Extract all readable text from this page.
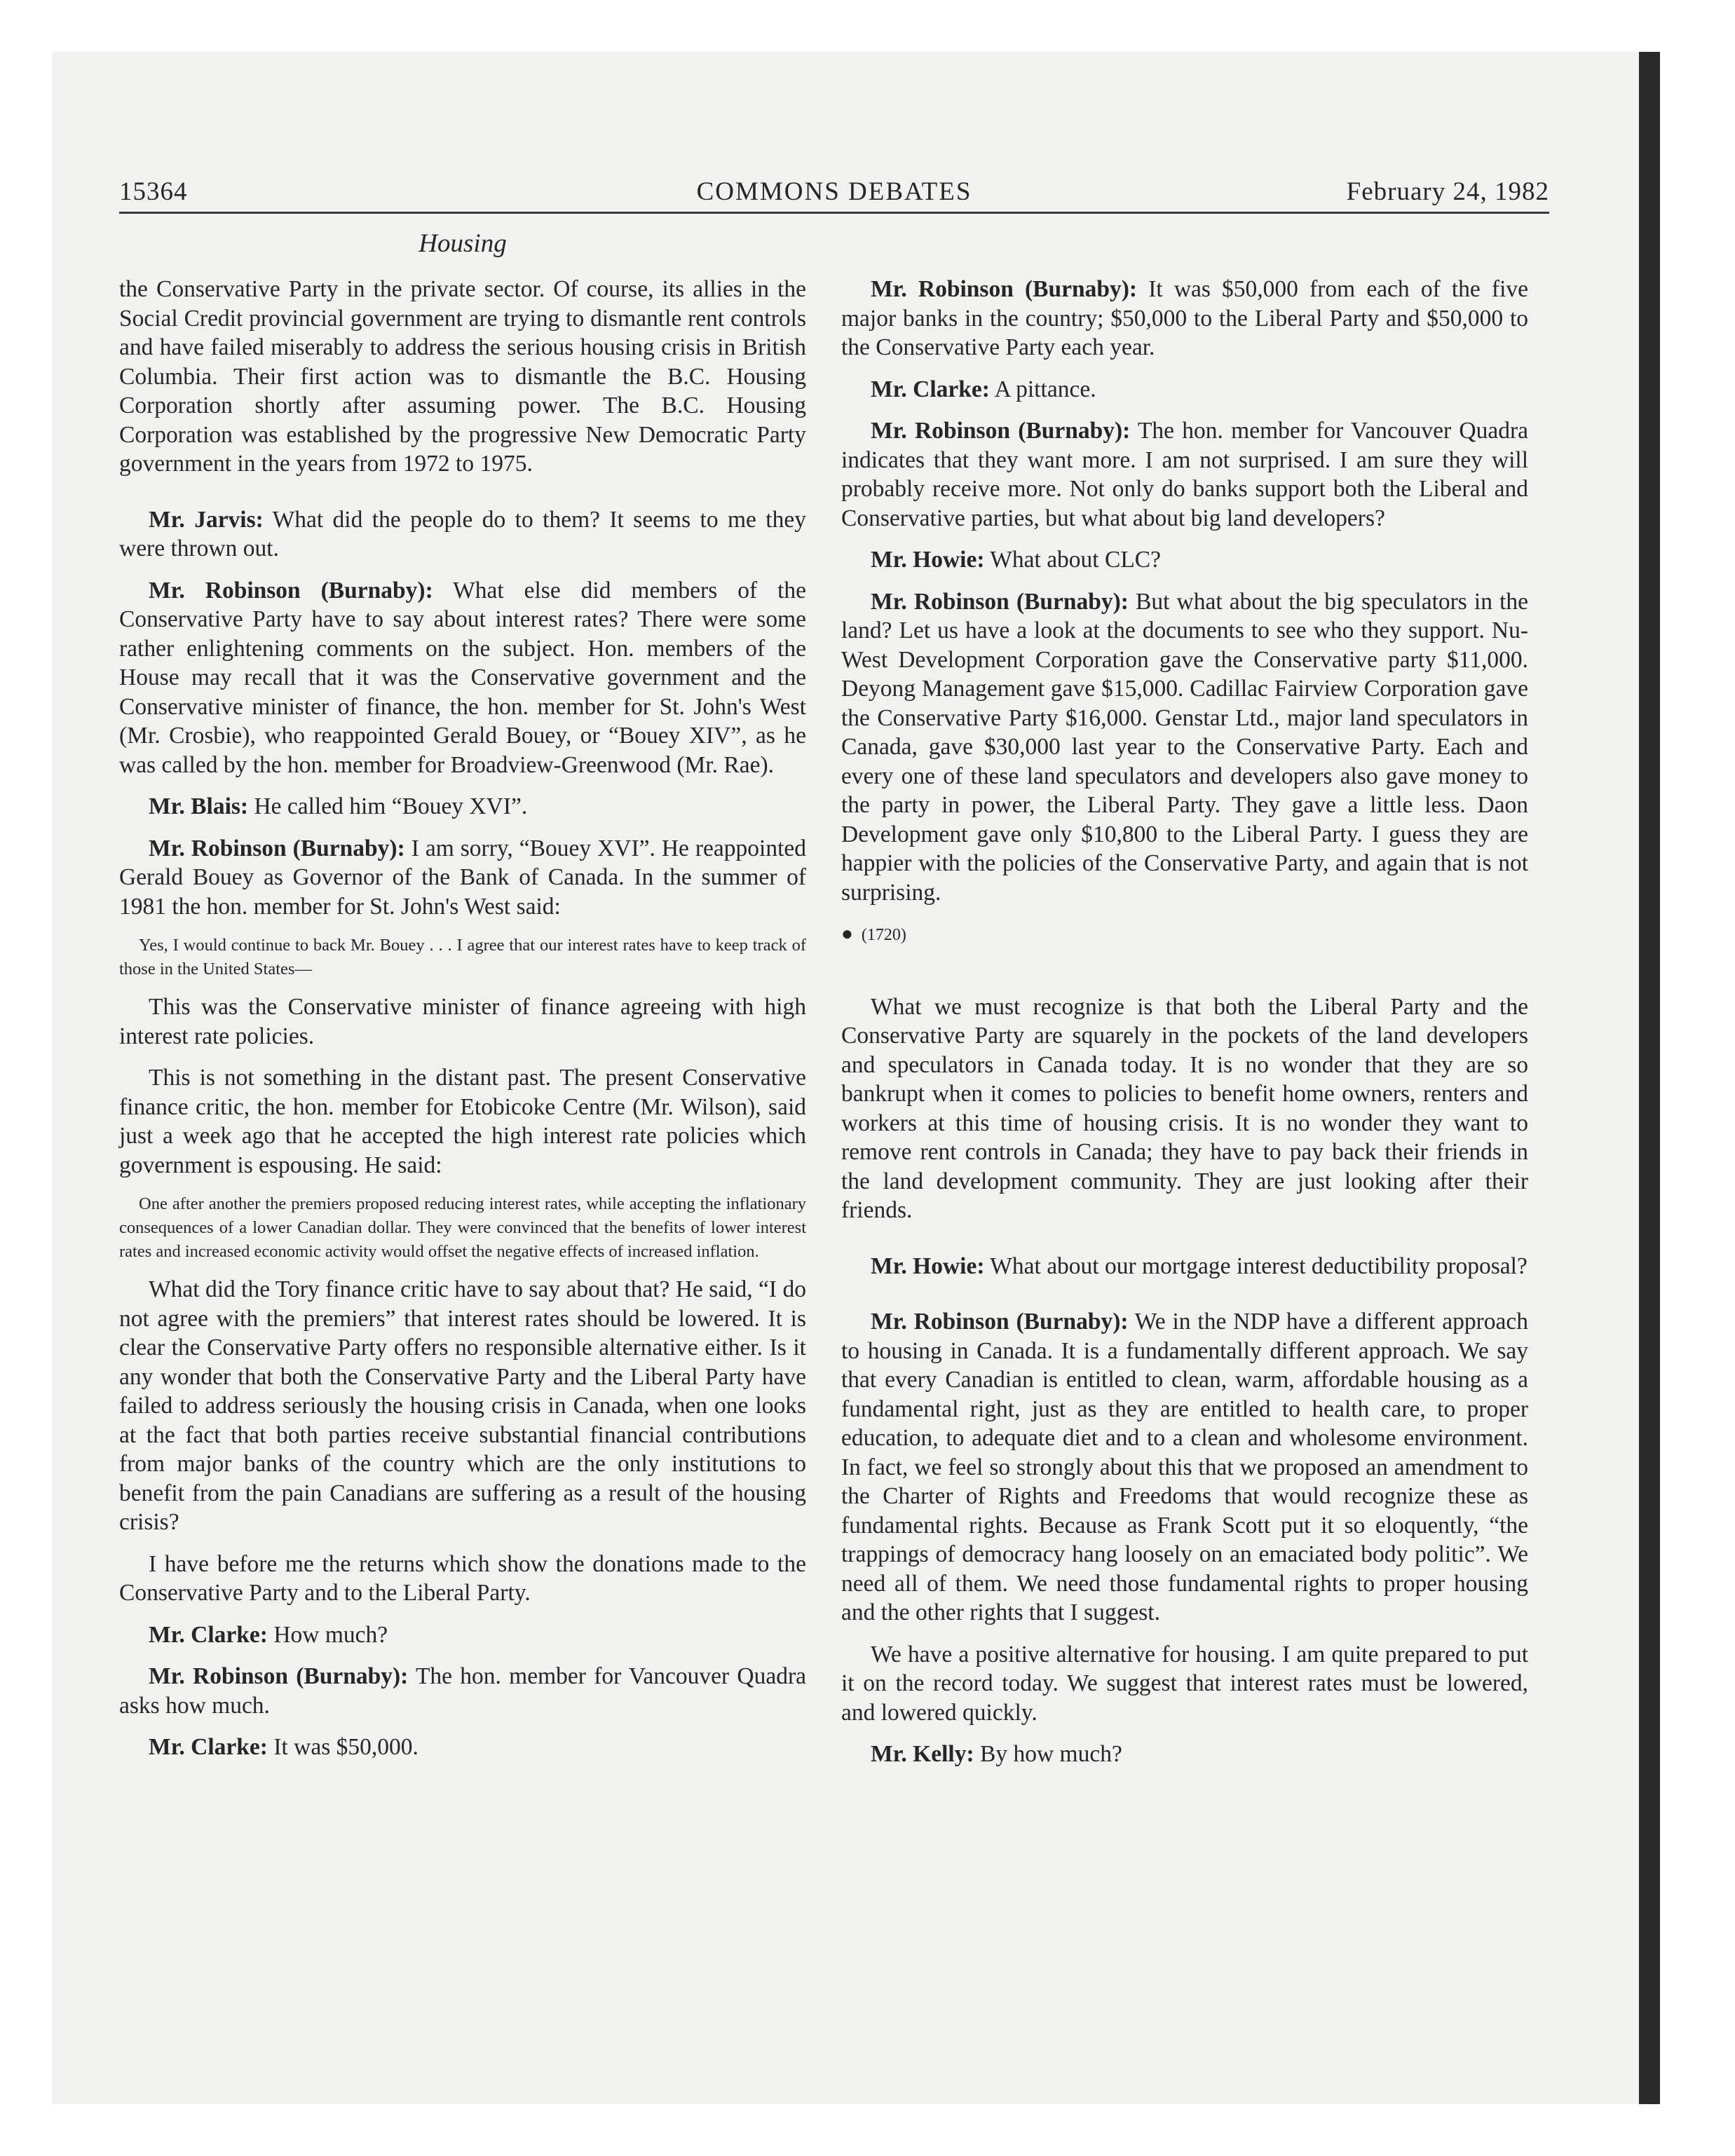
15364	COMMONS DEBATES	February 24, 1982
Housing

the Conservative Party in the private sector. Of course, its allies in the Social Credit provincial government are trying to dismantle rent controls and have failed miserably to address the serious housing crisis in British Columbia. Their first action was to dismantle the B.C. Housing Corporation shortly after assuming power. The B.C. Housing Corporation was established by the progressive New Democratic Party government in the years from 1972 to 1975.

Mr. Jarvis: What did the people do to them? It seems to me they were thrown out.

Mr. Robinson (Burnaby): What else did members of the Conservative Party have to say about interest rates? There were some rather enlightening comments on the subject. Hon. members of the House may recall that it was the Conservative government and the Conservative minister of finance, the hon. member for St. John's West (Mr. Crosbie), who reappointed Gerald Bouey, or “Bouey XIV”, as he was called by the hon. member for Broadview-Greenwood (Mr. Rae).

Mr. Blais: He called him “Bouey XVI”.

Mr. Robinson (Burnaby): I am sorry, “Bouey XVI”. He reappointed Gerald Bouey as Governor of the Bank of Canada. In the summer of 1981 the hon. member for St. John's West said:

Yes, I would continue to back Mr. Bouey . . . I agree that our interest rates have to keep track of those in the United States—

This was the Conservative minister of finance agreeing with high interest rate policies.

This is not something in the distant past. The present Conservative finance critic, the hon. member for Etobicoke Centre (Mr. Wilson), said just a week ago that he accepted the high interest rate policies which government is espousing. He said:

One after another the premiers proposed reducing interest rates, while accepting the inflationary consequences of a lower Canadian dollar. They were convinced that the benefits of lower interest rates and increased economic activity would offset the negative effects of increased inflation.

What did the Tory finance critic have to say about that? He said, “I do not agree with the premiers” that interest rates should be lowered. It is clear the Conservative Party offers no responsible alternative either. Is it any wonder that both the Conservative Party and the Liberal Party have failed to address seriously the housing crisis in Canada, when one looks at the fact that both parties receive substantial financial contributions from major banks of the country which are the only institutions to benefit from the pain Canadians are suffering as a result of the housing crisis?

I have before me the returns which show the donations made to the Conservative Party and to the Liberal Party.

Mr. Clarke: How much?

Mr. Robinson (Burnaby): The hon. member for Vancouver Quadra asks how much.

Mr. Clarke: It was $50,000.

Mr. Robinson (Burnaby): It was $50,000 from each of the five major banks in the country; $50,000 to the Liberal Party and $50,000 to the Conservative Party each year.

Mr. Clarke: A pittance.

Mr. Robinson (Burnaby): The hon. member for Vancouver Quadra indicates that they want more. I am not surprised. I am sure they will probably receive more. Not only do banks support both the Liberal and Conservative parties, but what about big land developers?

Mr. Howie: What about CLC?

Mr. Robinson (Burnaby): But what about the big speculators in the land? Let us have a look at the documents to see who they support. Nu-West Development Corporation gave the Conservative party $11,000. Deyong Management gave $15,000. Cadillac Fairview Corporation gave the Conservative Party $16,000. Genstar Ltd., major land speculators in Canada, gave $30,000 last year to the Conservative Party. Each and every one of these land speculators and developers also gave money to the party in power, the Liberal Party. They gave a little less. Daon Development gave only $10,800 to the Liberal Party. I guess they are happier with the policies of the Conservative Party, and again that is not surprising.

● (1720)

What we must recognize is that both the Liberal Party and the Conservative Party are squarely in the pockets of the land developers and speculators in Canada today. It is no wonder that they are so bankrupt when it comes to policies to benefit home owners, renters and workers at this time of housing crisis. It is no wonder they want to remove rent controls in Canada; they have to pay back their friends in the land development community. They are just looking after their friends.

Mr. Howie: What about our mortgage interest deductibility proposal?

Mr. Robinson (Burnaby): We in the NDP have a different approach to housing in Canada. It is a fundamentally different approach. We say that every Canadian is entitled to clean, warm, affordable housing as a fundamental right, just as they are entitled to health care, to proper education, to adequate diet and to a clean and wholesome environment. In fact, we feel so strongly about this that we proposed an amendment to the Charter of Rights and Freedoms that would recognize these as fundamental rights. Because as Frank Scott put it so eloquently, “the trappings of democracy hang loosely on an emaciated body politic”. We need all of them. We need those fundamental rights to proper housing and the other rights that I suggest.

We have a positive alternative for housing. I am quite prepared to put it on the record today. We suggest that interest rates must be lowered, and lowered quickly.

Mr. Kelly: By how much?
